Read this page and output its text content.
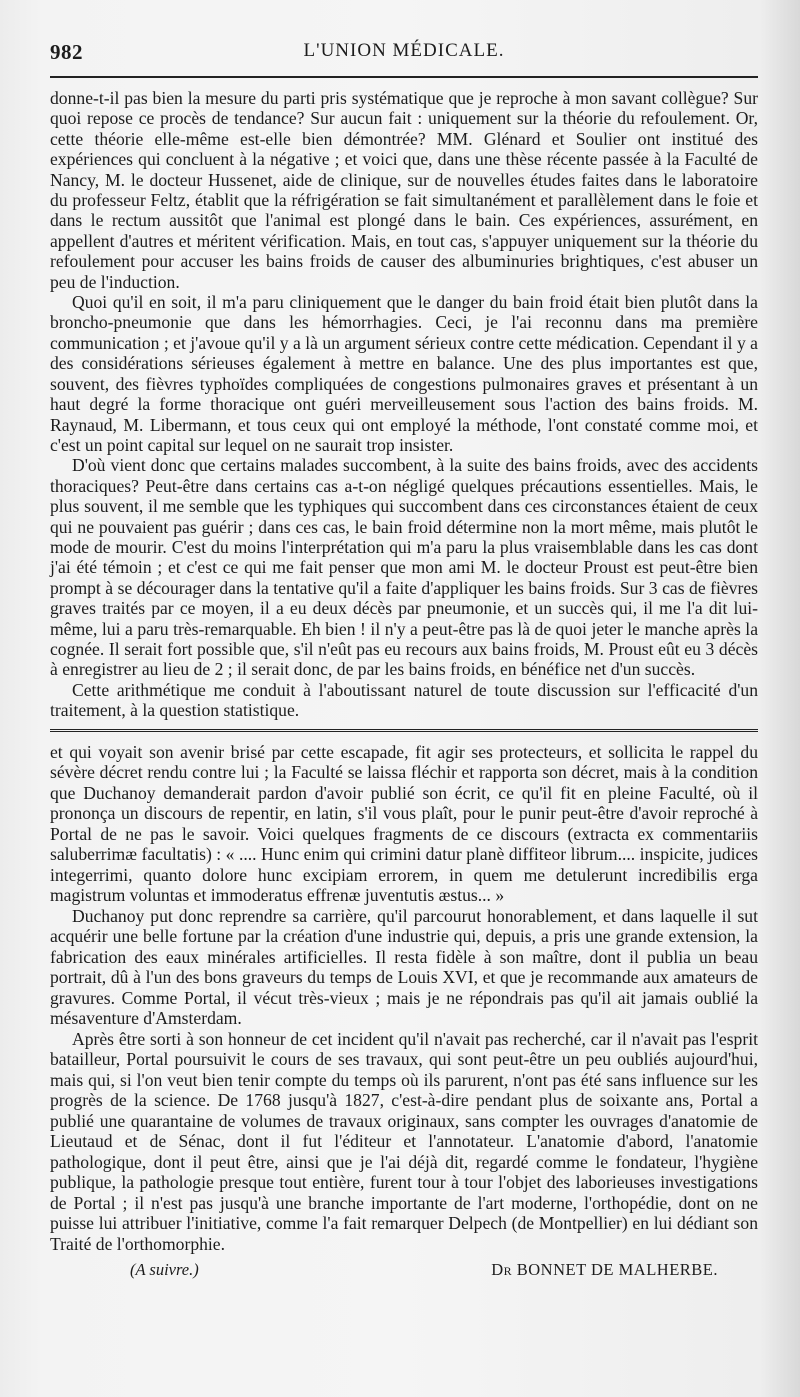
982	L'UNION MÉDICALE.

donne-t-il pas bien la mesure du parti pris systématique que je reproche à mon savant collègue? Sur quoi repose ce procès de tendance? Sur aucun fait : uniquement sur la théorie du refoulement. Or, cette théorie elle-même est-elle bien démontrée? MM. Glénard et Soulier ont institué des expériences qui concluent à la négative ; et voici que, dans une thèse récente passée à la Faculté de Nancy, M. le docteur Hussenet, aide de clinique, sur de nouvelles études faites dans le laboratoire du professeur Feltz, établit que la réfrigération se fait simultanément et parallèlement dans le foie et dans le rectum aussitôt que l'animal est plongé dans le bain. Ces expériences, assurément, en appellent d'autres et méritent vérification. Mais, en tout cas, s'appuyer uniquement sur la théorie du refoulement pour accuser les bains froids de causer des albuminuries brightiques, c'est abuser un peu de l'induction.

Quoi qu'il en soit, il m'a paru cliniquement que le danger du bain froid était bien plutôt dans la broncho-pneumonie que dans les hémorrhagies. Ceci, je l'ai reconnu dans ma première communication ; et j'avoue qu'il y a là un argument sérieux contre cette médication. Cependant il y a des considérations sérieuses également à mettre en balance. Une des plus importantes est que, souvent, des fièvres typhoïdes compliquées de congestions pulmonaires graves et présentant à un haut degré la forme thoracique ont guéri merveilleusement sous l'action des bains froids. M. Raynaud, M. Libermann, et tous ceux qui ont employé la méthode, l'ont constaté comme moi, et c'est un point capital sur lequel on ne saurait trop insister.

D'où vient donc que certains malades succombent, à la suite des bains froids, avec des accidents thoraciques? Peut-être dans certains cas a-t-on négligé quelques précautions essentielles. Mais, le plus souvent, il me semble que les typhiques qui succombent dans ces circonstances étaient de ceux qui ne pouvaient pas guérir ; dans ces cas, le bain froid détermine non la mort même, mais plutôt le mode de mourir. C'est du moins l'interprétation qui m'a paru la plus vraisemblable dans les cas dont j'ai été témoin ; et c'est ce qui me fait penser que mon ami M. le docteur Proust est peut-être bien prompt à se décourager dans la tentative qu'il a faite d'appliquer les bains froids. Sur 3 cas de fièvres graves traités par ce moyen, il a eu deux décès par pneumonie, et un succès qui, il me l'a dit lui-même, lui a paru très-remarquable. Eh bien ! il n'y a peut-être pas là de quoi jeter le manche après la cognée. Il serait fort possible que, s'il n'eût pas eu recours aux bains froids, M. Proust eût eu 3 décès à enregistrer au lieu de 2 ; il serait donc, de par les bains froids, en bénéfice net d'un succès.

Cette arithmétique me conduit à l'aboutissant naturel de toute discussion sur l'efficacité d'un traitement, à la question statistique.

et qui voyait son avenir brisé par cette escapade, fit agir ses protecteurs, et sollicita le rappel du sévère décret rendu contre lui ; la Faculté se laissa fléchir et rapporta son décret, mais à la condition que Duchanoy demanderait pardon d'avoir publié son écrit, ce qu'il fit en pleine Faculté, où il prononça un discours de repentir, en latin, s'il vous plaît, pour le punir peut-être d'avoir reproché à Portal de ne pas le savoir. Voici quelques fragments de ce discours (extracta ex commentariis saluberrimæ facultatis) : « .... Hunc enim qui crimini datur planè diffiteor librum.... inspicite, judices integerrimi, quanto dolore hunc excipiam errorem, in quem me detulerunt incredibilis erga magistrum voluntas et immoderatus effrenæ juventutis æstus... »

Duchanoy put donc reprendre sa carrière, qu'il parcourut honorablement, et dans laquelle il sut acquérir une belle fortune par la création d'une industrie qui, depuis, a pris une grande extension, la fabrication des eaux minérales artificielles. Il resta fidèle à son maître, dont il publia un beau portrait, dû à l'un des bons graveurs du temps de Louis XVI, et que je recommande aux amateurs de gravures. Comme Portal, il vécut très-vieux ; mais je ne répondrais pas qu'il ait jamais oublié la mésaventure d'Amsterdam.

Après être sorti à son honneur de cet incident qu'il n'avait pas recherché, car il n'avait pas l'esprit batailleur, Portal poursuivit le cours de ses travaux, qui sont peut-être un peu oubliés aujourd'hui, mais qui, si l'on veut bien tenir compte du temps où ils parurent, n'ont pas été sans influence sur les progrès de la science. De 1768 jusqu'à 1827, c'est-à-dire pendant plus de soixante ans, Portal a publié une quarantaine de volumes de travaux originaux, sans compter les ouvrages d'anatomie de Lieutaud et de Sénac, dont il fut l'éditeur et l'annotateur. L'anatomie d'abord, l'anatomie pathologique, dont il peut être, ainsi que je l'ai déjà dit, regardé comme le fondateur, l'hygiène publique, la pathologie presque tout entière, furent tour à tour l'objet des laborieuses investigations de Portal ; il n'est pas jusqu'à une branche importante de l'art moderne, l'orthopédie, dont on ne puisse lui attribuer l'initiative, comme l'a fait remarquer Delpech (de Montpellier) en lui dédiant son Traité de l'orthomorphie.

(A suivre.)	Dr BONNET DE MALHERBE.
